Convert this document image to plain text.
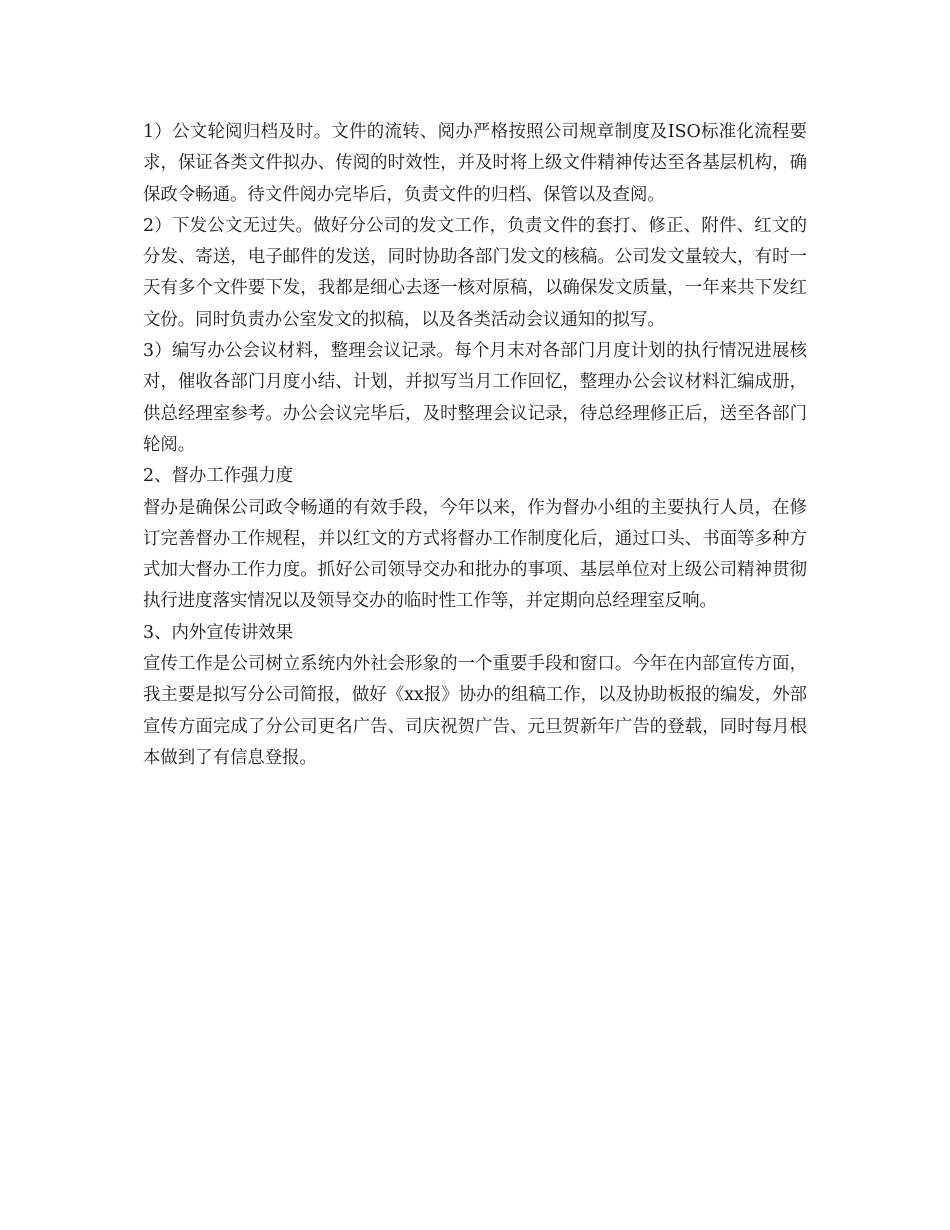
1）公文轮阅归档及时。文件的流转、阅办严格按照公司规章制度及ISO标准化流程要求，保证各类文件拟办、传阅的时效性，并及时将上级文件精神传达至各基层机构，确保政令畅通。待文件阅办完毕后，负责文件的归档、保管以及查阅。

2）下发公文无过失。做好分公司的发文工作，负责文件的套打、修正、附件、红文的分发、寄送，电子邮件的发送，同时协助各部门发文的核稿。公司发文量较大，有时一天有多个文件要下发，我都是细心去逐一核对原稿，以确保发文质量，一年来共下发红文份。同时负责办公室发文的拟稿，以及各类活动会议通知的拟写。

3）编写办公会议材料，整理会议记录。每个月末对各部门月度计划的执行情况进展核对，催收各部门月度小结、计划，并拟写当月工作回忆，整理办公会议材料汇编成册，供总经理室参考。办公会议完毕后，及时整理会议记录，待总经理修正后，送至各部门轮阅。

2、督办工作强力度

督办是确保公司政令畅通的有效手段，今年以来，作为督办小组的主要执行人员，在修订完善督办工作规程，并以红文的方式将督办工作制度化后，通过口头、书面等多种方式加大督办工作力度。抓好公司领导交办和批办的事项、基层单位对上级公司精神贯彻执行进度落实情况以及领导交办的临时性工作等，并定期向总经理室反响。

3、内外宣传讲效果

宣传工作是公司树立系统内外社会形象的一个重要手段和窗口。今年在内部宣传方面，我主要是拟写分公司简报，做好《xx报》协办的组稿工作，以及协助板报的编发，外部宣传方面完成了分公司更名广告、司庆祝贺广告、元旦贺新年广告的登载，同时每月根本做到了有信息登报。
